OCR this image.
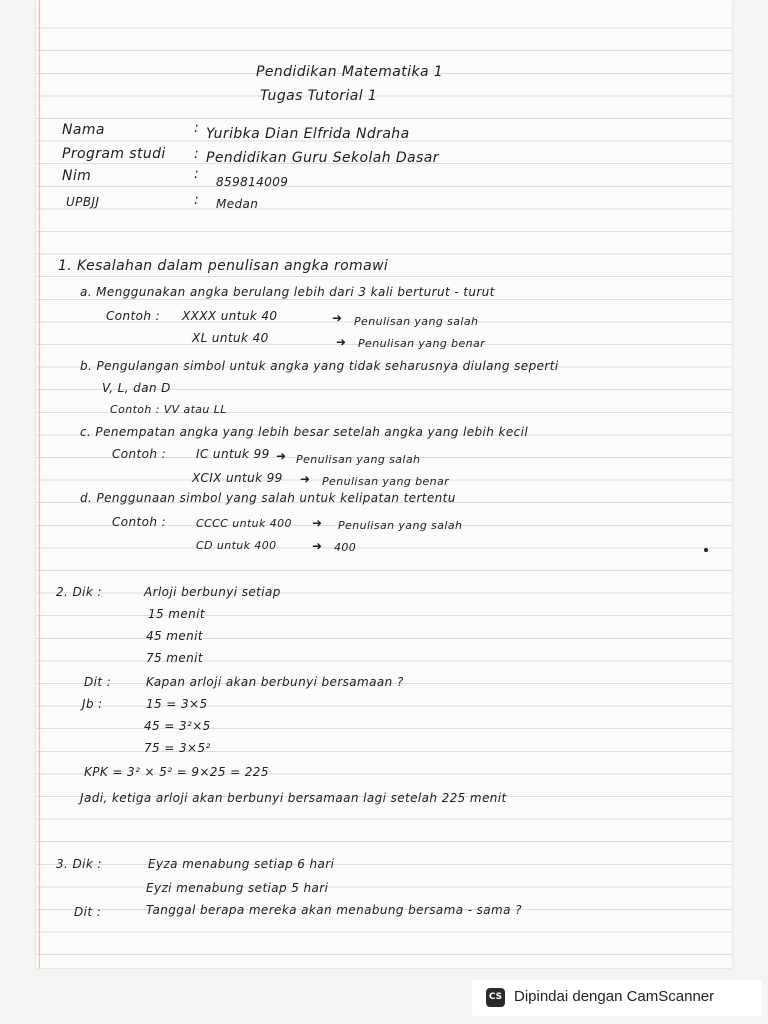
Pendidikan Matematika 1
Tugas Tutorial 1
Nama	: Yuribka Dian Elfrida Ndraha
Program studi : Pendidikan Guru Sekolah Dasar
Nim	: 859814009
UPBJJ	: Medan
1. Kesalahan dalam penulisan angka romawi
a. Menggunakan angka berulang lebih dari 3 kali berturut - turut
Contoh : XXXX untuk 40	➜ Penulisan yang salah
XL untuk 40	➜ Penulisan yang benar
b. Pengulangan simbol untuk angka yang tidak seharusnya diulang seperti
V, L, dan D
Contoh : VV atau LL
c. Penempatan angka yang lebih besar setelah angka yang lebih kecil
Contoh : IC untuk 99 ➜ Penulisan yang salah
XCIX untuk 99 ➜ Penulisan yang benar
d. Penggunaan simbol yang salah untuk kelipatan tertentu
Contoh :	CCCC untuk 400 ➜ Penulisan yang salah
CD untuk 400	➜ 400
2. Dik :	Arloji berbunyi setiap
15 menit
45 menit
75 menit
Dit :	Kapan arloji akan berbunyi bersamaan ?
Jb :	15 = 3×5
45 = 3²×5
75 = 3×5²
KPK = 3² × 5² = 9×25 = 225
Jadi, ketiga arloji akan berbunyi bersamaan lagi setelah 225 menit
3. Dik :	Eyza menabung setiap 6 hari
Eyzi menabung setiap 5 hari
Dit :	Tanggal berapa mereka akan menabung bersama - sama ?
CS Dipindai dengan CamScanner
